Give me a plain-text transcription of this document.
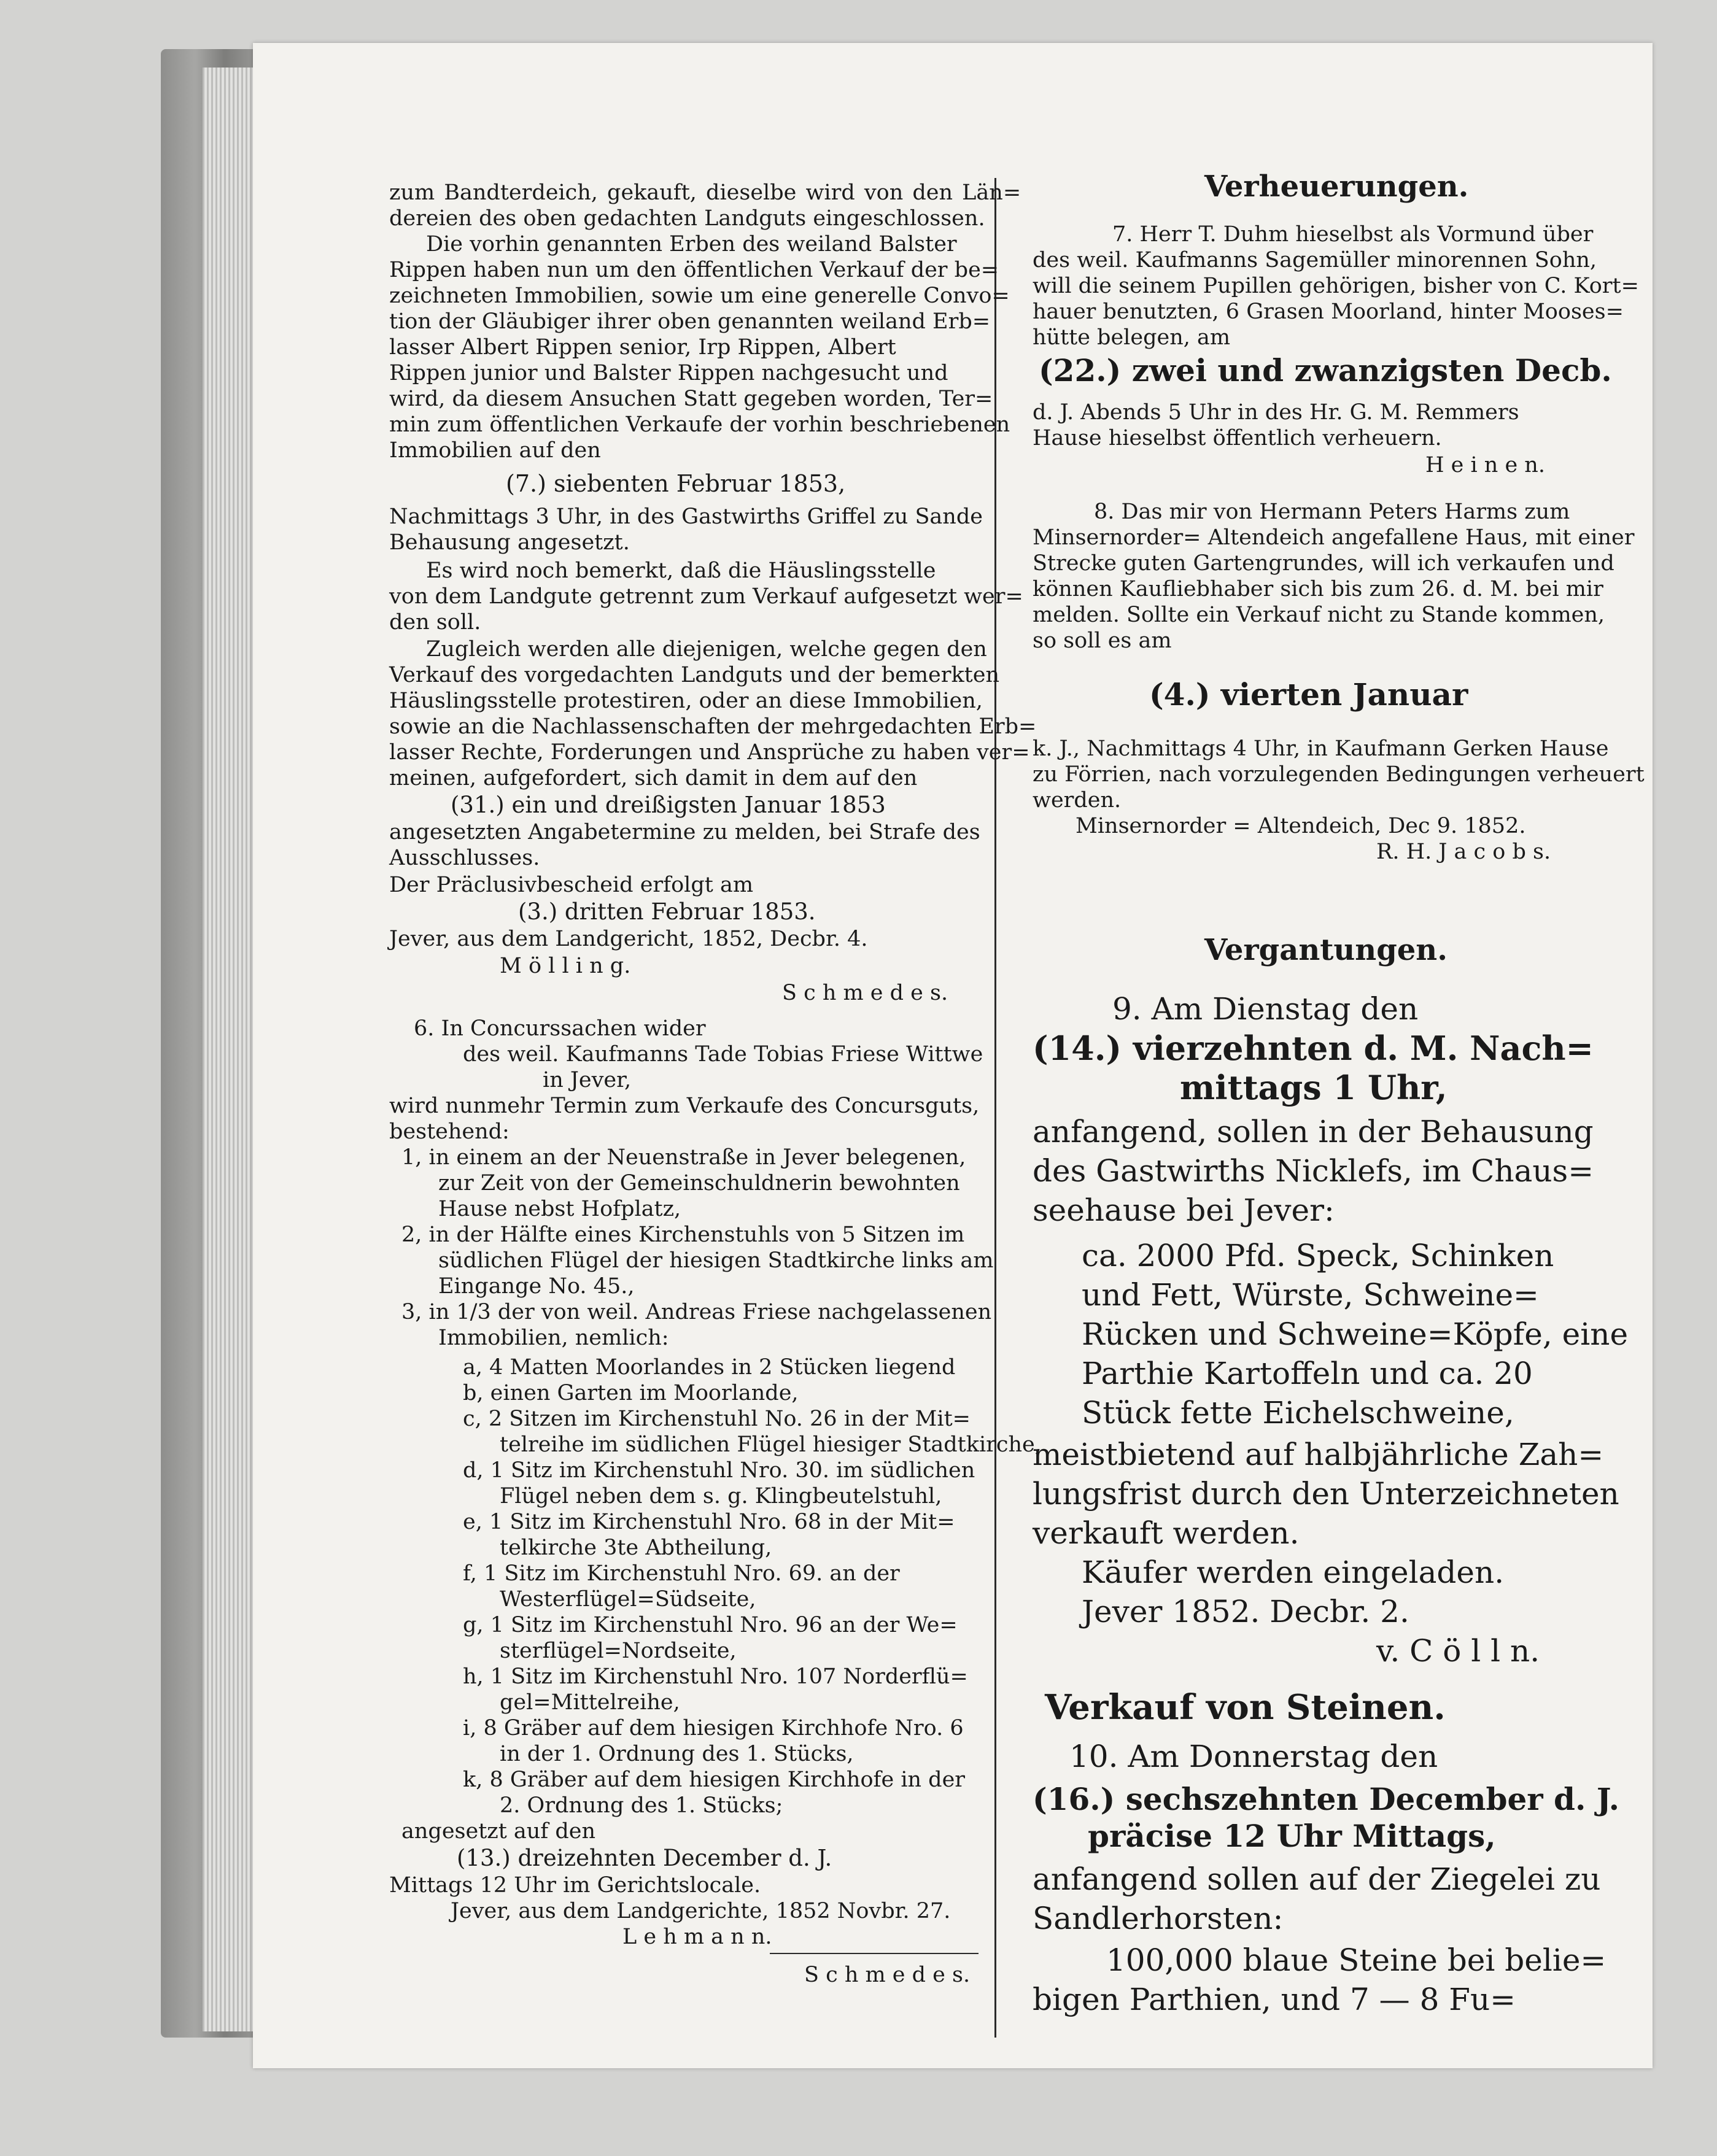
zum Bandterdeich, gekauft, dieselbe wird von den Län=
dereien des oben gedachten Landguts eingeschlossen.
Die vorhin genannten Erben des weiland Balster
Rippen haben nun um den öffentlichen Verkauf der be=
zeichneten Immobilien, sowie um eine generelle Convo=
tion der Gläubiger ihrer oben genannten weiland Erb=
lasser Albert Rippen senior, Irp Rippen, Albert
Rippen junior und Balster Rippen nachgesucht und
wird, da diesem Ansuchen Statt gegeben worden, Ter=
min zum öffentlichen Verkaufe der vorhin beschriebenen
Immobilien auf den
(7.) siebenten Februar 1853,
Nachmittags 3 Uhr, in des Gastwirths Griffel zu Sande
Behausung angesetzt.
Es wird noch bemerkt, daß die Häuslingsstelle
von dem Landgute getrennt zum Verkauf aufgesetzt wer=
den soll.
Zugleich werden alle diejenigen, welche gegen den
Verkauf des vorgedachten Landguts und der bemerkten
Häuslingsstelle protestiren, oder an diese Immobilien,
sowie an die Nachlassenschaften der mehrgedachten Erb=
lasser Rechte, Forderungen und Ansprüche zu haben ver=
meinen, aufgefordert, sich damit in dem auf den
(31.) ein und dreißigsten Januar 1853
angesetzten Angabetermine zu melden, bei Strafe des
Ausschlusses.
Der Präclusivbescheid erfolgt am
(3.) dritten Februar 1853.
Jever, aus dem Landgericht, 1852, Decbr. 4.
M ö l l i n g.
S c h m e d e s.
6. In Concurssachen wider
des weil. Kaufmanns Tade Tobias Friese Wittwe
in Jever,
wird nunmehr Termin zum Verkaufe des Concursguts,
bestehend:
1, in einem an der Neuenstraße in Jever belegenen,
zur Zeit von der Gemeinschuldnerin bewohnten
Hause nebst Hofplatz,
2, in der Hälfte eines Kirchenstuhls von 5 Sitzen im
südlichen Flügel der hiesigen Stadtkirche links am
Eingange No. 45.,
3, in 1/3 der von weil. Andreas Friese nachgelassenen
Immobilien, nemlich:
a, 4 Matten Moorlandes in 2 Stücken liegend
b, einen Garten im Moorlande,
c, 2 Sitzen im Kirchenstuhl No. 26 in der Mit=
telreihe im südlichen Flügel hiesiger Stadtkirche,
d, 1 Sitz im Kirchenstuhl Nro. 30. im südlichen
Flügel neben dem s. g. Klingbeutelstuhl,
e, 1 Sitz im Kirchenstuhl Nro. 68 in der Mit=
telkirche 3te Abtheilung,
f, 1 Sitz im Kirchenstuhl Nro. 69. an der
Westerflügel=Südseite,
g, 1 Sitz im Kirchenstuhl Nro. 96 an der We=
sterflügel=Nordseite,
h, 1 Sitz im Kirchenstuhl Nro. 107 Norderflü=
gel=Mittelreihe,
i, 8 Gräber auf dem hiesigen Kirchhofe Nro. 6
in der 1. Ordnung des 1. Stücks,
k, 8 Gräber auf dem hiesigen Kirchhofe in der
2. Ordnung des 1. Stücks;
angesetzt auf den
(13.) dreizehnten December d. J.
Mittags 12 Uhr im Gerichtslocale.
Jever, aus dem Landgerichte, 1852 Novbr. 27.
L e h m a n n.
S c h m e d e s.
Verheuerungen.
7. Herr T. Duhm hieselbst als Vormund über
des weil. Kaufmanns Sagemüller minorennen Sohn,
will die seinem Pupillen gehörigen, bisher von C. Kort=
hauer benutzten, 6 Grasen Moorland, hinter Mooses=
hütte belegen, am
(22.) zwei und zwanzigsten Decb.
d. J. Abends 5 Uhr in des Hr. G. M. Remmers
Hause hieselbst öffentlich verheuern.
H e i n e n.
8. Das mir von Hermann Peters Harms zum
Minsernorder= Altendeich angefallene Haus, mit einer
Strecke guten Gartengrundes, will ich verkaufen und
können Kaufliebhaber sich bis zum 26. d. M. bei mir
melden. Sollte ein Verkauf nicht zu Stande kommen,
so soll es am
(4.) vierten Januar
k. J., Nachmittags 4 Uhr, in Kaufmann Gerken Hause
zu Förrien, nach vorzulegenden Bedingungen verheuert
werden.
Minsernorder = Altendeich, Dec 9. 1852.
R. H. J a c o b s.
Vergantungen.
9. Am Dienstag den
(14.) vierzehnten d. M. Nach=
mittags 1 Uhr,
anfangend, sollen in der Behausung
des Gastwirths Nicklefs, im Chaus=
seehause bei Jever:
ca. 2000 Pfd. Speck, Schinken
und Fett, Würste, Schweine=
Rücken und Schweine=Köpfe, eine
Parthie Kartoffeln und ca. 20
Stück fette Eichelschweine,
meistbietend auf halbjährliche Zah=
lungsfrist durch den Unterzeichneten
verkauft werden.
Käufer werden eingeladen.
Jever 1852. Decbr. 2.
v. C ö l l n.
Verkauf von Steinen.
10. Am Donnerstag den
(16.) sechszehnten December d. J.
präcise 12 Uhr Mittags,
anfangend sollen auf der Ziegelei zu
Sandlerhorsten:
100,000 blaue Steine bei belie=
bigen Parthien, und 7 — 8 Fu=
